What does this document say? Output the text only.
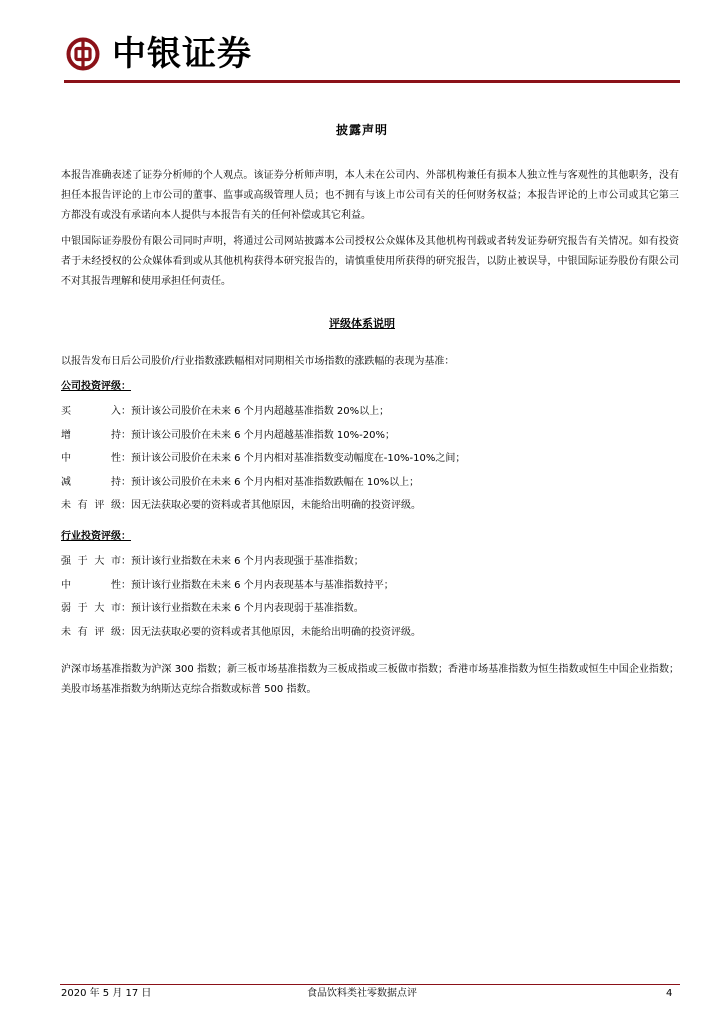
中银证券
披露声明

本报告准确表述了证券分析师的个人观点。该证券分析师声明，本人未在公司内、外部机构兼任有损本人独立性与客观性的其他职务，没有担任本报告评论的上市公司的董事、监事或高级管理人员；也不拥有与该上市公司有关的任何财务权益；本报告评论的上市公司或其它第三方都没有或没有承诺向本人提供与本报告有关的任何补偿或其它利益。

中银国际证券股份有限公司同时声明，将通过公司网站披露本公司授权公众媒体及其他机构刊载或者转发证券研究报告有关情况。如有投资者于未经授权的公众媒体看到或从其他机构获得本研究报告的，请慎重使用所获得的研究报告，以防止被误导，中银国际证券股份有限公司不对其报告理解和使用承担任何责任。

评级体系说明

以报告发布日后公司股价/行业指数涨跌幅相对同期相关市场指数的涨跌幅的表现为基准：

公司投资评级：
买　　入：预计该公司股价在未来 6 个月内超越基准指数 20%以上；
增　　持：预计该公司股价在未来 6 个月内超越基准指数 10%-20%；
中　　性：预计该公司股价在未来 6 个月内相对基准指数变动幅度在-10%-10%之间；
减　　持：预计该公司股价在未来 6 个月内相对基准指数跌幅在 10%以上；
未有评级：因无法获取必要的资料或者其他原因，未能给出明确的投资评级。
行业投资评级：
强于大市：预计该行业指数在未来 6 个月内表现强于基准指数；
中　　性：预计该行业指数在未来 6 个月内表现基本与基准指数持平；
弱于大市：预计该行业指数在未来 6 个月内表现弱于基准指数。
未有评级：因无法获取必要的资料或者其他原因，未能给出明确的投资评级。

沪深市场基准指数为沪深 300 指数；新三板市场基准指数为三板成指或三板做市指数；香港市场基准指数为恒生指数或恒生中国企业指数；美股市场基准指数为纳斯达克综合指数或标普 500 指数。

2020 年 5 月 17 日	食品饮料类社零数据点评	4
